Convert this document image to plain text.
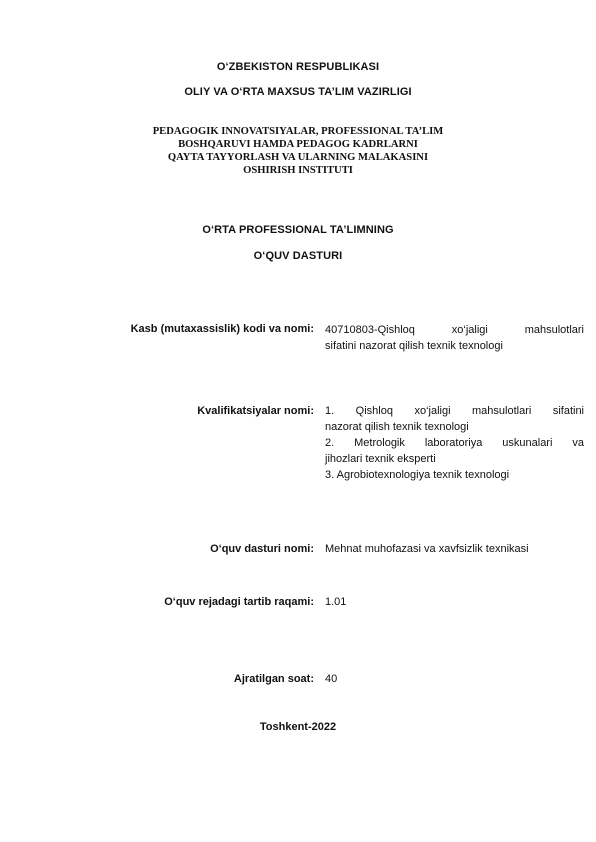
O‘ZBEKISTON RESPUBLIKASI
OLIY VA O‘RTA MAXSUS TA’LIM VAZIRLIGI
PEDAGOGIK INNOVATSIYALAR, PROFESSIONAL TA’LIM
BOSHQARUVI HAMDA PEDAGOG KADRLARNI
QAYTA TAYYORLASH VA ULARNING MALAKASINI
OSHIRISH INSTITUTI
O‘RTA PROFESSIONAL TA’LIMNING
O‘QUV DASTURI
Kasb (mutaxassislik) kodi va nomi: 40710803-Qishloq xo‘jaligi mahsulotlari
sifatini nazorat qilish texnik texnologi
Kvalifikatsiyalar nomi: 1. Qishloq xo‘jaligi mahsulotlari sifatini
nazorat qilish texnik texnologi
2. Metrologik laboratoriya uskunalari va
jihozlari texnik eksperti
3. Agrobiotexnologiya texnik texnologi
O‘quv dasturi nomi: Mehnat muhofazasi va xavfsizlik texnikasi
O‘quv rejadagi tartib raqami: 1.01
Ajratilgan soat: 40
Toshkent-2022
